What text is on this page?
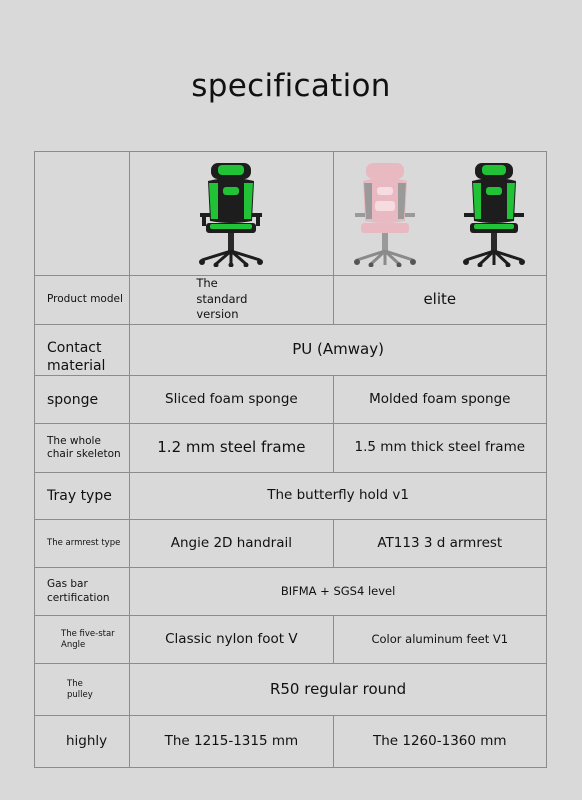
specification

Product model	The standard version	elite
Contact material	PU (Amway)	
sponge	Sliced foam sponge	Molded foam sponge
The whole chair skeleton	1.2 mm steel frame	1.5 mm thick steel frame
Tray type	The butterfly hold v1	
The armrest type	Angie 2D handrail	AT113 3 d armrest
Gas bar certification	BIFMA + SGS4 level	
The five-star Angle	Classic nylon foot V	Color aluminum feet V1
The pulley	R50 regular round	
highly	The 1215-1315 mm	The 1260-1360 mm
